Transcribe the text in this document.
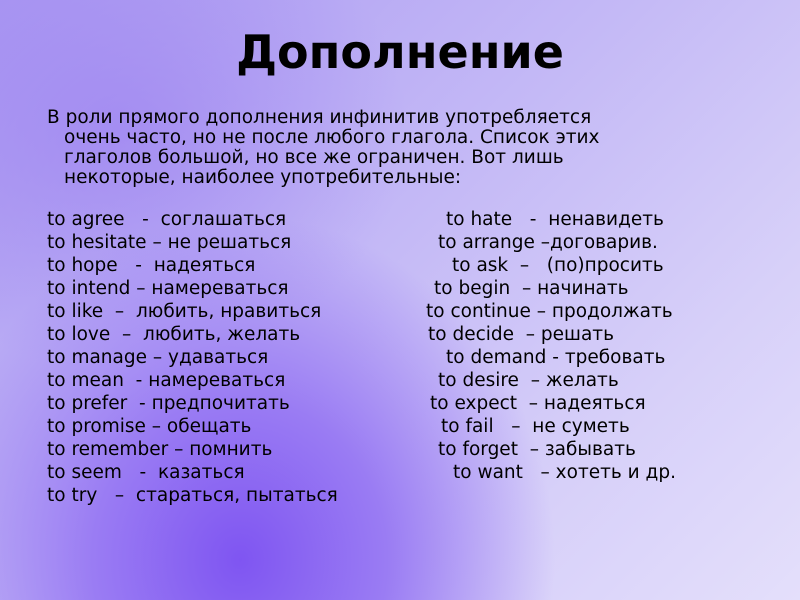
Дополнение
В роли прямого дополнения инфинитив употребляется
очень часто, но не после любого глагола. Список этих
глаголов большой, но все же ограничен. Вот лишь
некоторые, наиболее употребительные:
to agree   -  соглашаться	to hate   -  ненавидеть
to hesitate – не решаться	to arrange –договарив.
to hope   -  надеяться	to ask  –   (по)просить
to intend – намереваться	to begin  – начинать
to like  –  любить, нравиться	to continue – продолжать
to love  –  любить, желать	to decide  – решать
to manage – удаваться	to demand - требовать
to mean  - намереваться	to desire  – желать
to prefer  - предпочитать	to expect  – надеяться
to promise – обещать	to fail   –  не суметь
to remember – помнить	to forget  – забывать
to seem   -  казаться	to want   – хотеть и др.
to try   –  стараться, пытаться
